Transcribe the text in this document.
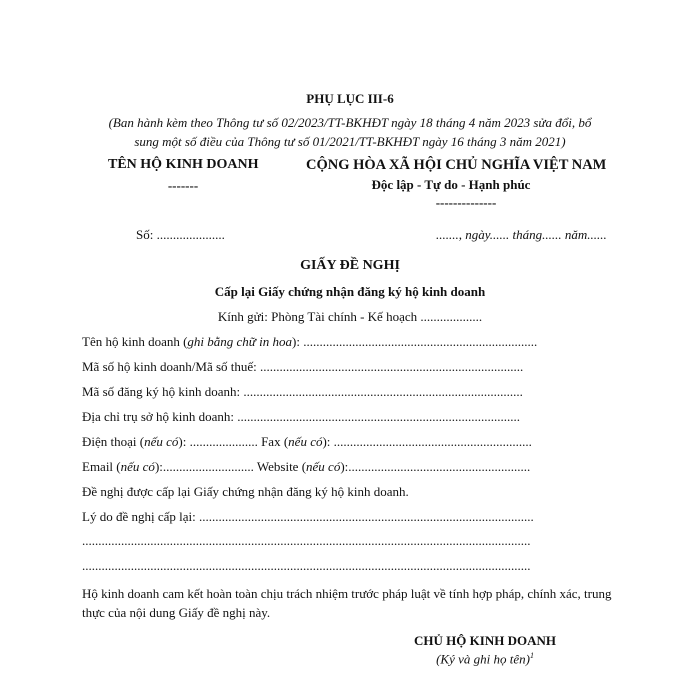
PHỤ LỤC III-6
(Ban hành kèm theo Thông tư số 02/2023/TT-BKHĐT ngày 18 tháng 4 năm 2023 sửa đổi, bổ
sung một số điều của Thông tư số 01/2021/TT-BKHĐT ngày 16 tháng 3 năm 2021)
TÊN HỘ KINH DOANH
-------
CỘNG HÒA XÃ HỘI CHỦ NGHĨA VIỆT NAM
Độc lập - Tự do - Hạnh phúc
--------------
Số: .....................	......., ngày...... tháng...... năm......
GIẤY ĐỀ NGHỊ
Cấp lại Giấy chứng nhận đăng ký hộ kinh doanh
Kính gửi: Phòng Tài chính - Kế hoạch ...................
Tên hộ kinh doanh (ghi bằng chữ in hoa): ........................................................................
Mã số hộ kinh doanh/Mã số thuế: .................................................................................
Mã số đăng ký hộ kinh doanh: ......................................................................................
Địa chỉ trụ sở hộ kinh doanh: .......................................................................................
Điện thoại (nếu có): ..................... Fax (nếu có): .............................................................
Email (nếu có):............................ Website (nếu có):........................................................
Đề nghị được cấp lại Giấy chứng nhận đăng ký hộ kinh doanh.
Lý do đề nghị cấp lại: .......................................................................................................
..........................................................................................................................................
..........................................................................................................................................
Hộ kinh doanh cam kết hoàn toàn chịu trách nhiệm trước pháp luật về tính hợp pháp, chính xác, trung thực của nội dung Giấy đề nghị này.
CHỦ HỘ KINH DOANH
(Ký và ghi họ tên)$^1$
